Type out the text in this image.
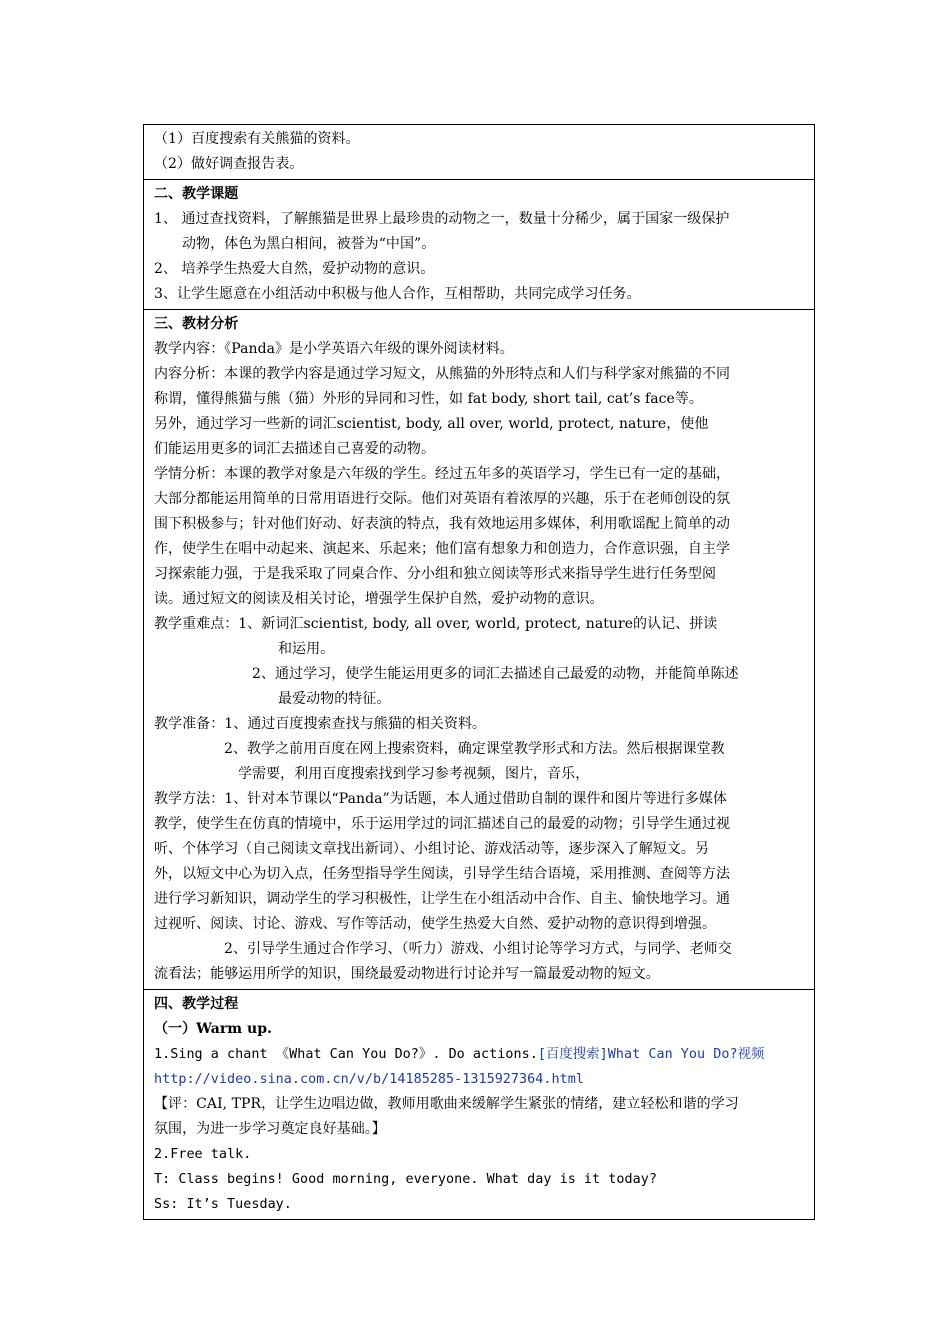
（1）百度搜索有关熊猫的资料。
（2）做好调查报告表。
二、教学课题
1、 通过查找资料，了解熊猫是世界上最珍贵的动物之一，数量十分稀少，属于国家一级保护
动物，体色为黑白相间，被誉为“中国”。
2、 培养学生热爱大自然，爱护动物的意识。
3、让学生愿意在小组活动中积极与他人合作，互相帮助，共同完成学习任务。
三、教材分析
教学内容：《Panda》是小学英语六年级的课外阅读材料。
内容分析：本课的教学内容是通过学习短文，从熊猫的外形特点和人们与科学家对熊猫的不同
称谓，懂得熊猫与熊（猫）外形的异同和习性，如 fat body, short tail, cat’s face等。
另外，通过学习一些新的词汇scientist, body, all over, world, protect, nature，使他
们能运用更多的词汇去描述自己喜爱的动物。
学情分析：本课的教学对象是六年级的学生。经过五年多的英语学习，学生已有一定的基础，
大部分都能运用简单的日常用语进行交际。他们对英语有着浓厚的兴趣，乐于在老师创设的氛
围下积极参与；针对他们好动、好表演的特点，我有效地运用多媒体，利用歌谣配上简单的动
作，使学生在唱中动起来、演起来、乐起来；他们富有想象力和创造力，合作意识强，自主学
习探索能力强，于是我采取了同桌合作、分小组和独立阅读等形式来指导学生进行任务型阅
读。通过短文的阅读及相关讨论，增强学生保护自然，爱护动物的意识。
教学重难点：1、新词汇scientist, body, all over, world, protect, nature的认记、拼读
和运用。
2、通过学习，使学生能运用更多的词汇去描述自己最爱的动物，并能简单陈述
最爱动物的特征。
教学准备：1、通过百度搜索查找与熊猫的相关资料。
2、教学之前用百度在网上搜索资料，确定课堂教学形式和方法。然后根据课堂教
学需要，利用百度搜索找到学习参考视频，图片，音乐，
教学方法：1、针对本节课以“Panda”为话题，本人通过借助自制的课件和图片等进行多媒体
教学，使学生在仿真的情境中，乐于运用学过的词汇描述自己的最爱的动物；引导学生通过视
听、个体学习（自己阅读文章找出新词）、小组讨论、游戏活动等，逐步深入了解短文。另
外，以短文中心为切入点，任务型指导学生阅读，引导学生结合语境，采用推测、查阅等方法
进行学习新知识，调动学生的学习积极性，让学生在小组活动中合作、自主、愉快地学习。通
过视听、阅读、讨论、游戏、写作等活动，使学生热爱大自然、爱护动物的意识得到增强。
2、引导学生通过合作学习、（听力）游戏、小组讨论等学习方式，与同学、老师交
流看法；能够运用所学的知识，围绕最爱动物进行讨论并写一篇最爱动物的短文。
四、教学过程
（一）Warm up.
1.Sing a chant 《What Can You Do?》. Do actions.[百度搜索]What Can You Do?视频
http://video.sina.com.cn/v/b/14185285-1315927364.html
【评：CAI, TPR，让学生边唱边做，教师用歌曲来缓解学生紧张的情绪，建立轻松和谐的学习
氛围，为进一步学习奠定良好基础。】
2.Free talk.
T: Class begins! Good morning, everyone. What day is it today?
Ss: It’s Tuesday.
